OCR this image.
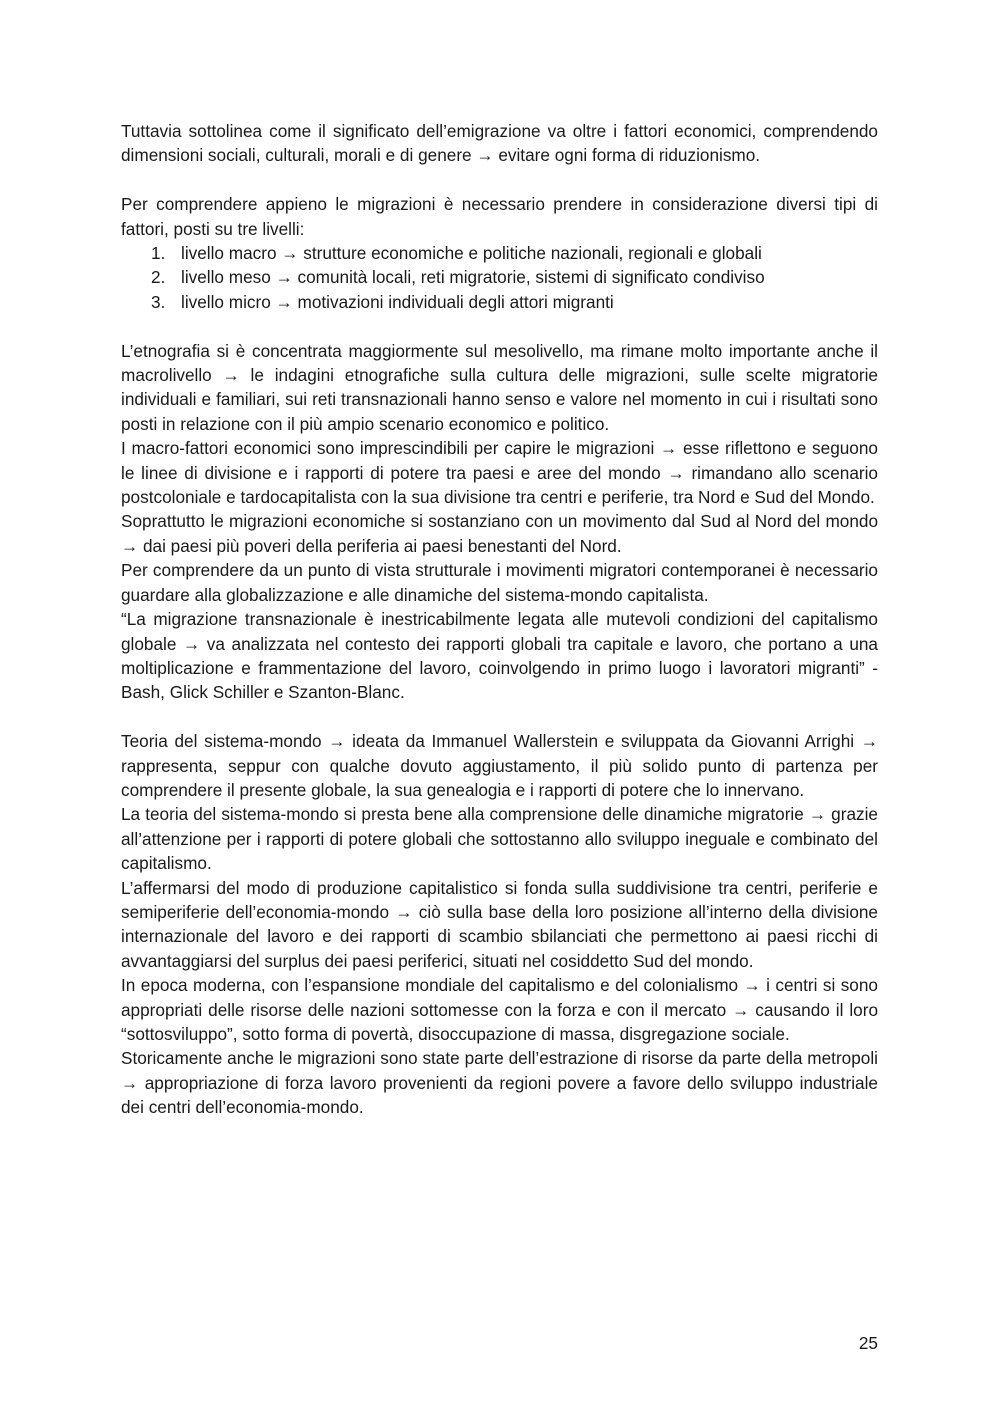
Tuttavia sottolinea come il significato dell’emigrazione va oltre i fattori economici, comprendendo dimensioni sociali, culturali, morali e di genere → evitare ogni forma di riduzionismo.

Per comprendere appieno le migrazioni è necessario prendere in considerazione diversi tipi di fattori, posti su tre livelli:

1. livello macro → strutture economiche e politiche nazionali, regionali e globali
2. livello meso → comunità locali, reti migratorie, sistemi di significato condiviso
3. livello micro → motivazioni individuali degli attori migranti

L’etnografia si è concentrata maggiormente sul mesolivello, ma rimane molto importante anche il macrolivello → le indagini etnografiche sulla cultura delle migrazioni, sulle scelte migratorie individuali e familiari, sui reti transnazionali hanno senso e valore nel momento in cui i risultati sono posti in relazione con il più ampio scenario economico e politico.

I macro-fattori economici sono imprescindibili per capire le migrazioni → esse riflettono e seguono le linee di divisione e i rapporti di potere tra paesi e aree del mondo → rimandano allo scenario postcoloniale e tardocapitalista con la sua divisione tra centri e periferie, tra Nord e Sud del Mondo.

Soprattutto le migrazioni economiche si sostanziano con un movimento dal Sud al Nord del mondo → dai paesi più poveri della periferia ai paesi benestanti del Nord.

Per comprendere da un punto di vista strutturale i movimenti migratori contemporanei è necessario guardare alla globalizzazione e alle dinamiche del sistema-mondo capitalista.

“La migrazione transnazionale è inestricabilmente legata alle mutevoli condizioni del capitalismo globale → va analizzata nel contesto dei rapporti globali tra capitale e lavoro, che portano a una moltiplicazione e frammentazione del lavoro, coinvolgendo in primo luogo i lavoratori migranti” - Bash, Glick Schiller e Szanton-Blanc.

Teoria del sistema-mondo → ideata da Immanuel Wallerstein e sviluppata da Giovanni Arrighi → rappresenta, seppur con qualche dovuto aggiustamento, il più solido punto di partenza per comprendere il presente globale, la sua genealogia e i rapporti di potere che lo innervano.

La teoria del sistema-mondo si presta bene alla comprensione delle dinamiche migratorie → grazie all’attenzione per i rapporti di potere globali che sottostanno allo sviluppo ineguale e combinato del capitalismo.

L’affermarsi del modo di produzione capitalistico si fonda sulla suddivisione tra centri, periferie e semiperiferie dell’economia-mondo → ciò sulla base della loro posizione all’interno della divisione internazionale del lavoro e dei rapporti di scambio sbilanciati che permettono ai paesi ricchi di avvantaggiarsi del surplus dei paesi periferici, situati nel cosiddetto Sud del mondo.

In epoca moderna, con l’espansione mondiale del capitalismo e del colonialismo → i centri si sono appropriati delle risorse delle nazioni sottomesse con la forza e con il mercato → causando il loro “sottosviluppo”, sotto forma di povertà, disoccupazione di massa, disgregazione sociale.

Storicamente anche le migrazioni sono state parte dell’estrazione di risorse da parte della metropoli → appropriazione di forza lavoro provenienti da regioni povere a favore dello sviluppo industriale dei centri dell’economia-mondo.

25
